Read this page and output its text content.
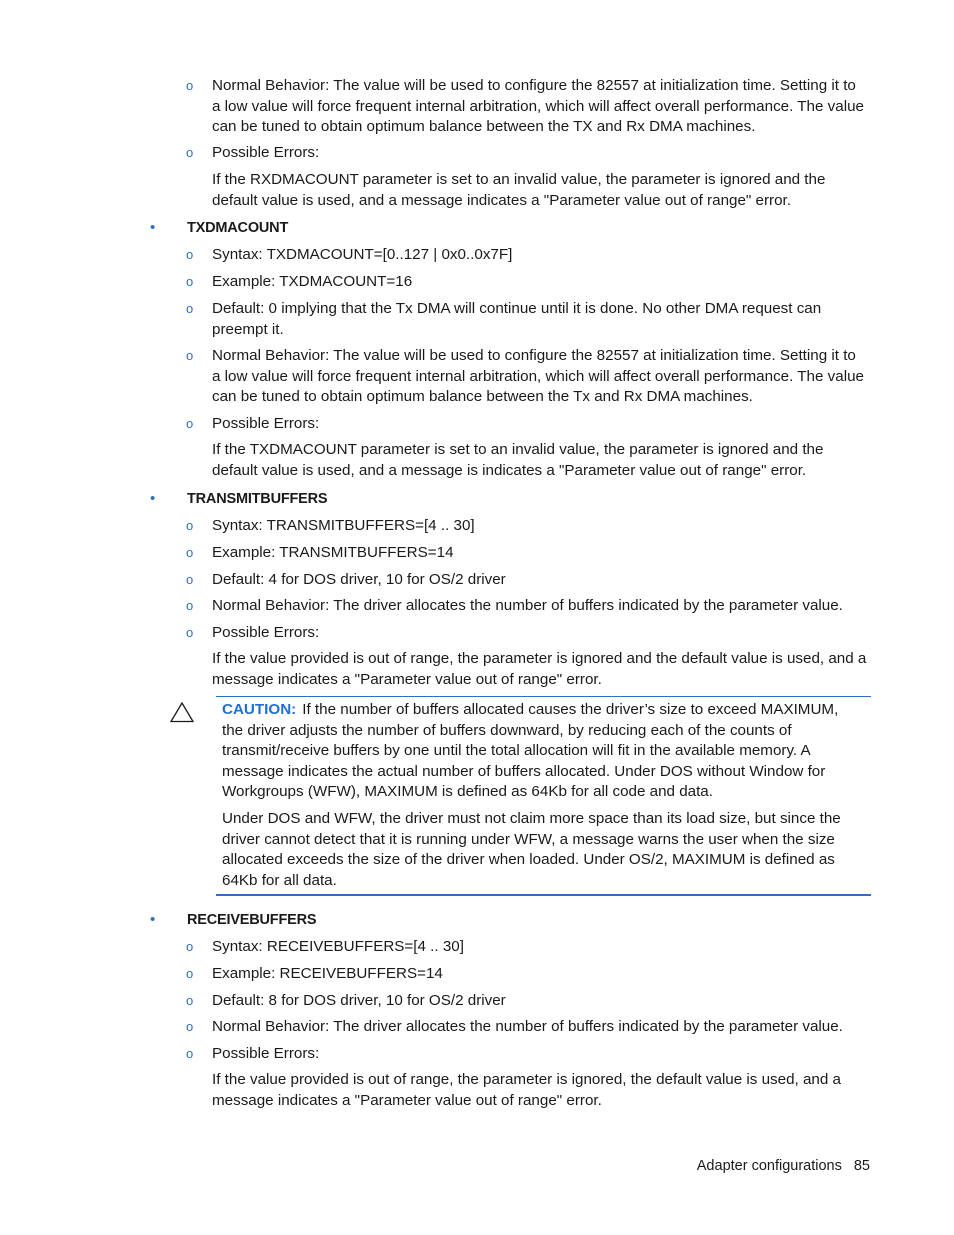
o Normal Behavior: The value will be used to configure the 82557 at initialization time. Setting it to a low value will force frequent internal arbitration, which will affect overall performance. The value can be tuned to obtain optimum balance between the TX and Rx DMA machines.
o Possible Errors:
If the RXDMACOUNT parameter is set to an invalid value, the parameter is ignored and the default value is used, and a message indicates a "Parameter value out of range" error.
• TXDMACOUNT
o Syntax: TXDMACOUNT=[0..127 | 0x0..0x7F]
o Example: TXDMACOUNT=16
o Default: 0 implying that the Tx DMA will continue until it is done. No other DMA request can preempt it.
o Normal Behavior: The value will be used to configure the 82557 at initialization time. Setting it to a low value will force frequent internal arbitration, which will affect overall performance. The value can be tuned to obtain optimum balance between the Tx and Rx DMA machines.
o Possible Errors:
If the TXDMACOUNT parameter is set to an invalid value, the parameter is ignored and the default value is used, and a message is indicates a "Parameter value out of range" error.
• TRANSMITBUFFERS
o Syntax: TRANSMITBUFFERS=[4 .. 30]
o Example: TRANSMITBUFFERS=14
o Default: 4 for DOS driver, 10 for OS/2 driver
o Normal Behavior: The driver allocates the number of buffers indicated by the parameter value.
o Possible Errors:
If the value provided is out of range, the parameter is ignored and the default value is used, and a message indicates a "Parameter value out of range" error.
CAUTION: If the number of buffers allocated causes the driver’s size to exceed MAXIMUM, the driver adjusts the number of buffers downward, by reducing each of the counts of transmit/receive buffers by one until the total allocation will fit in the available memory. A message indicates the actual number of buffers allocated. Under DOS without Window for Workgroups (WFW), MAXIMUM is defined as 64Kb for all code and data.
Under DOS and WFW, the driver must not claim more space than its load size, but since the driver cannot detect that it is running under WFW, a message warns the user when the size allocated exceeds the size of the driver when loaded. Under OS/2, MAXIMUM is defined as 64Kb for all data.
• RECEIVEBUFFERS
o Syntax: RECEIVEBUFFERS=[4 .. 30]
o Example: RECEIVEBUFFERS=14
o Default: 8 for DOS driver, 10 for OS/2 driver
o Normal Behavior: The driver allocates the number of buffers indicated by the parameter value.
o Possible Errors:
If the value provided is out of range, the parameter is ignored, the default value is used, and a message indicates a "Parameter value out of range" error.
Adapter configurations 85
